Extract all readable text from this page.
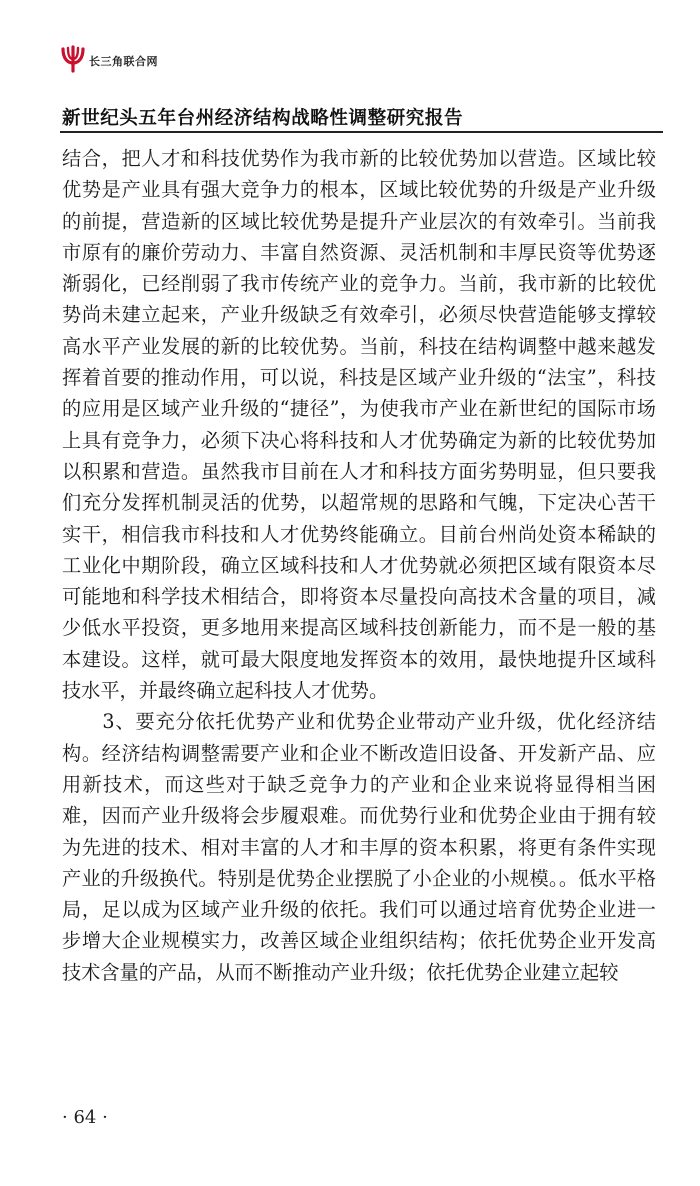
长三角联合网
新世纪头五年台州经济结构战略性调整研究报告

结合，把人才和科技优势作为我市新的比较优势加以营造。区域比较优势是产业具有强大竞争力的根本，区域比较优势的升级是产业升级的前提，营造新的区域比较优势是提升产业层次的有效牵引。当前我市原有的廉价劳动力、丰富自然资源、灵活机制和丰厚民资等优势逐渐弱化，已经削弱了我市传统产业的竞争力。当前，我市新的比较优势尚未建立起来，产业升级缺乏有效牵引，必须尽快营造能够支撑较高水平产业发展的新的比较优势。当前，科技在结构调整中越来越发挥着首要的推动作用，可以说，科技是区域产业升级的“法宝”，科技的应用是区域产业升级的“捷径”，为使我市产业在新世纪的国际市场上具有竞争力，必须下决心将科技和人才优势确定为新的比较优势加以积累和营造。虽然我市目前在人才和科技方面劣势明显，但只要我们充分发挥机制灵活的优势，以超常规的思路和气魄，下定决心苦干实干，相信我市科技和人才优势终能确立。目前台州尚处资本稀缺的工业化中期阶段，确立区域科技和人才优势就必须把区域有限资本尽可能地和科学技术相结合，即将资本尽量投向高技术含量的项目，减少低水平投资，更多地用来提高区域科技创新能力，而不是一般的基本建设。这样，就可最大限度地发挥资本的效用，最快地提升区域科技水平，并最终确立起科技人才优势。

3、要充分依托优势产业和优势企业带动产业升级，优化经济结构。经济结构调整需要产业和企业不断改造旧设备、开发新产品、应用新技术，而这些对于缺乏竞争力的产业和企业来说将显得相当困难，因而产业升级将会步履艰难。而优势行业和优势企业由于拥有较为先进的技术、相对丰富的人才和丰厚的资本积累，将更有条件实现产业的升级换代。特别是优势企业摆脱了小企业的小规模。。低水平格局，足以成为区域产业升级的依托。我们可以通过培育优势企业进一步增大企业规模实力，改善区域企业组织结构；依托优势企业开发高技术含量的产品，从而不断推动产业升级；依托优势企业建立起较

· 64 ·
